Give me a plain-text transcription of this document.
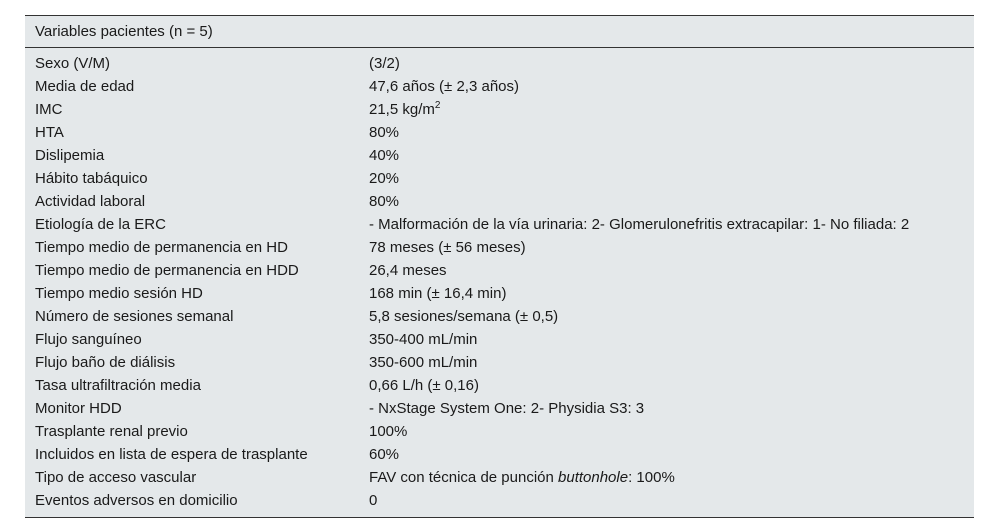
Variables pacientes (n = 5)
Sexo (V/M)	(3/2)
Media de edad	47,6 años (± 2,3 años)
IMC	21,5 $kg/m^2$
HTA	80%
Dislipemia	40%
Hábito tabáquico	20%
Actividad laboral	80%
Etiología de la ERC	- Malformación de la vía urinaria: 2- Glomerulonefritis extracapilar: 1- No filiada: 2
Tiempo medio de permanencia en HD	78 meses (± 56 meses)
Tiempo medio de permanencia en HDD	26,4 meses
Tiempo medio sesión HD	168 min (± 16,4 min)
Número de sesiones semanal	5,8 sesiones/semana (± 0,5)
Flujo sanguíneo	350-400 mL/min
Flujo baño de diálisis	350-600 mL/min
Tasa ultrafiltración media	0,66 L/h (± 0,16)
Monitor HDD	- NxStage System One: 2- Physidia S3: 3
Trasplante renal previo	100%
Incluidos en lista de espera de trasplante	60%
Tipo de acceso vascular	FAV con técnica de punción buttonhole: 100%
Eventos adversos en domicilio	0
